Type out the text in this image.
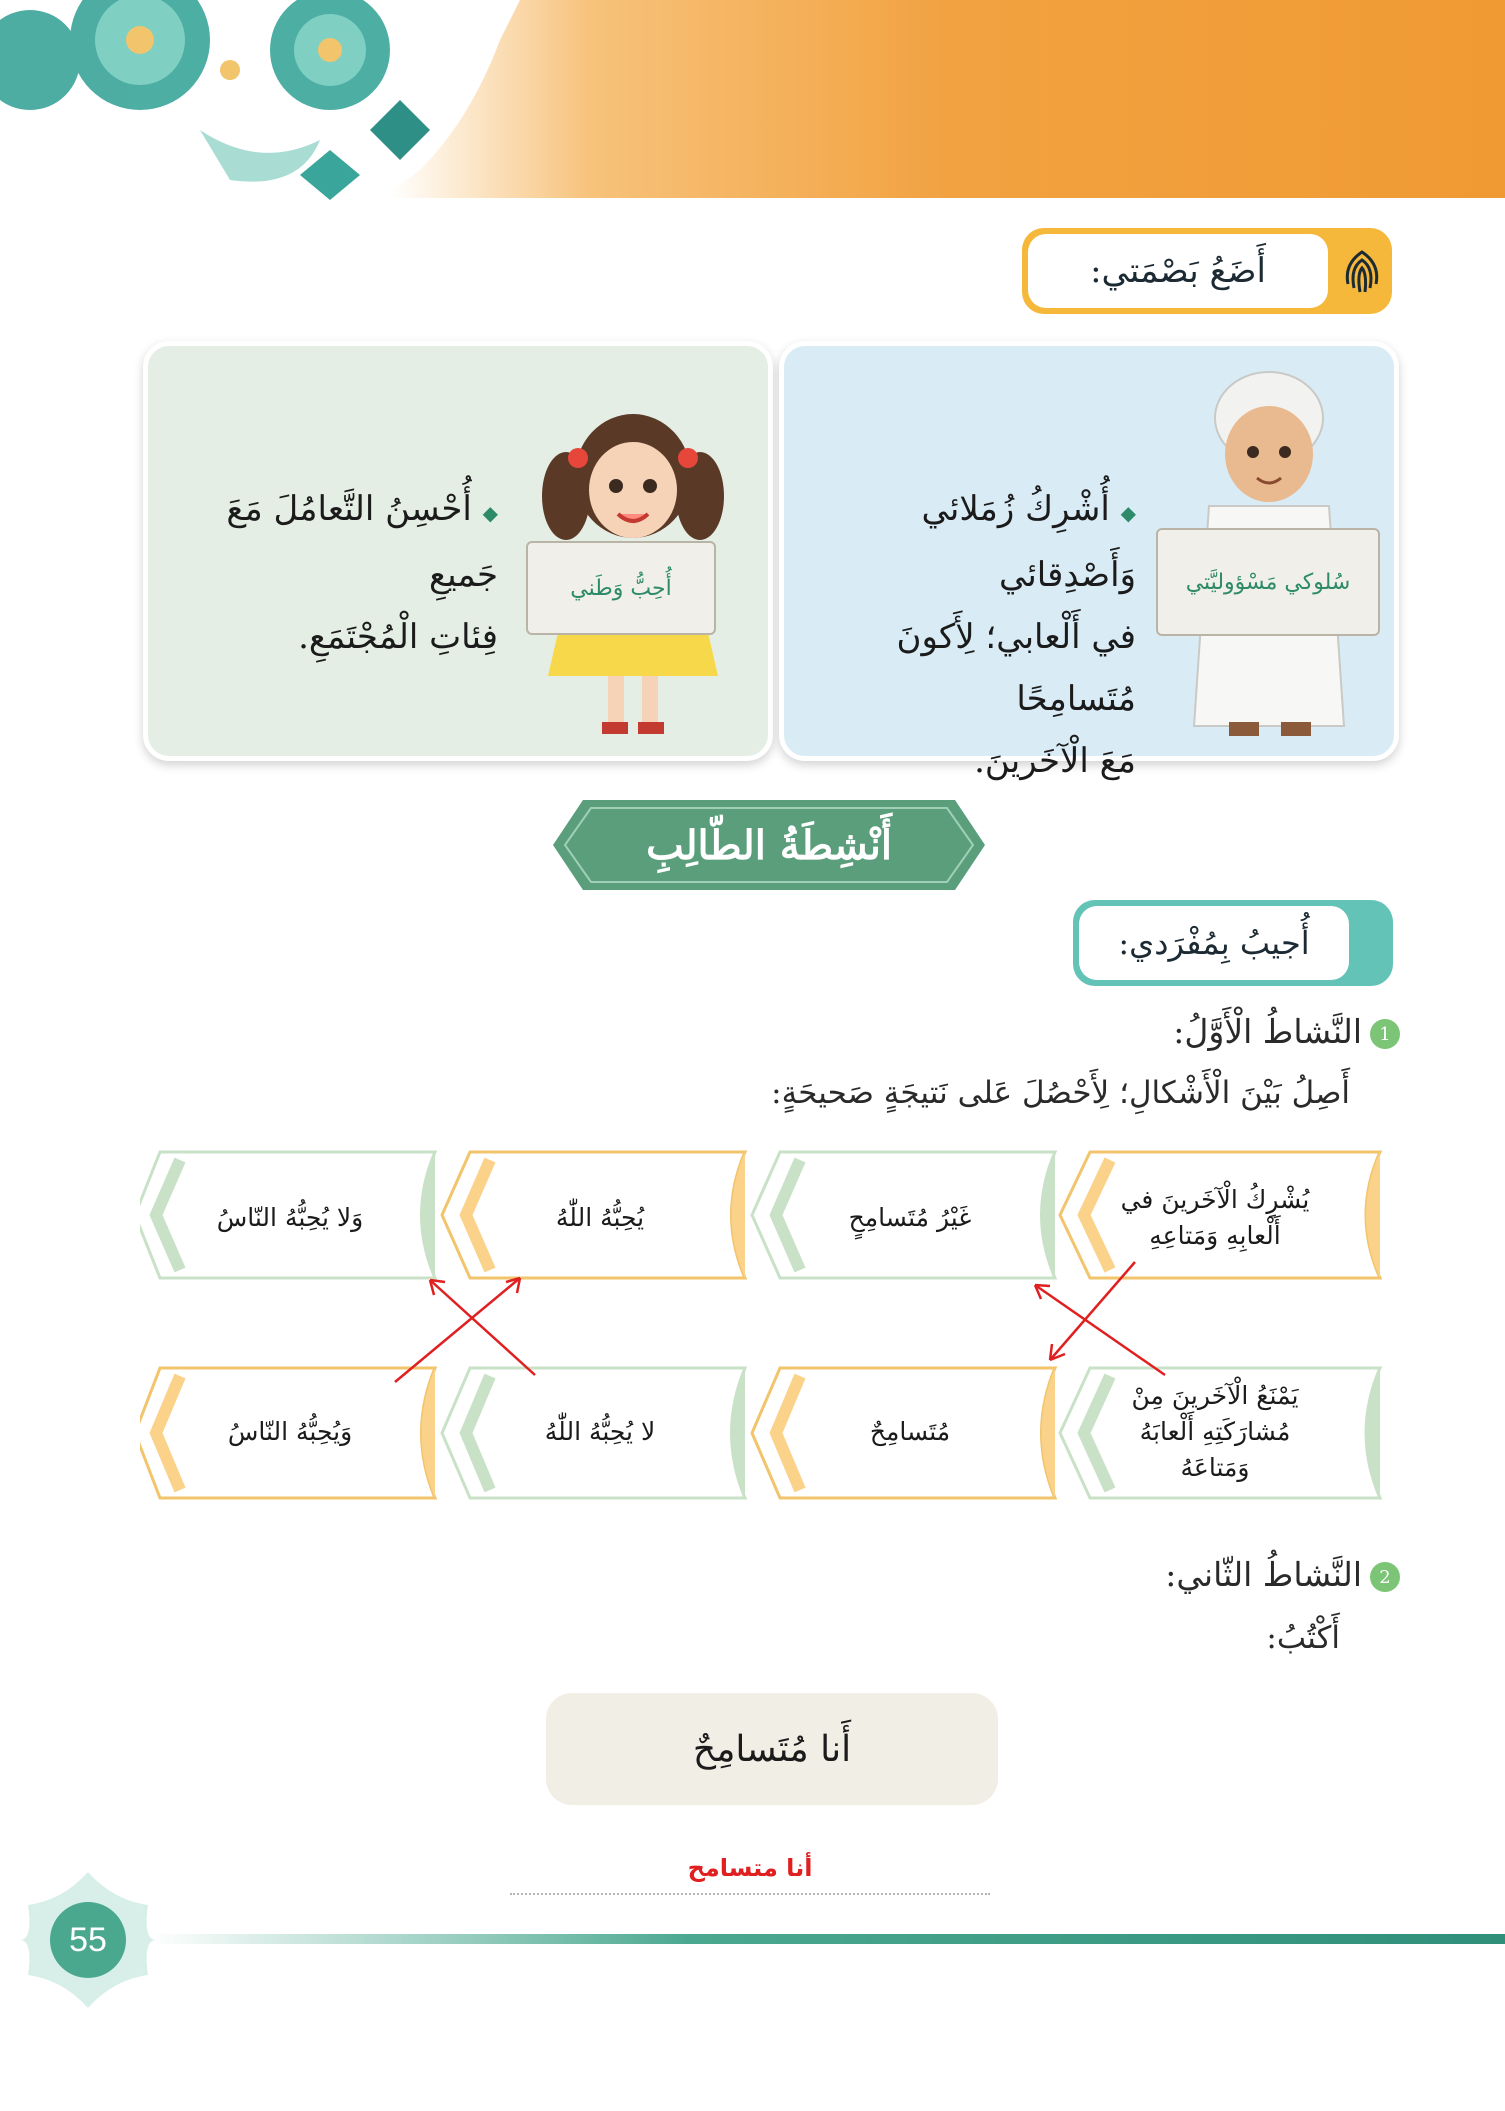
أَضَعُ بَصْمَتي:
أُحِبُّ وَطَني
◆ أُحْسِنُ التَّعامُلَ مَعَ جَميعِ
فِئاتِ الْمُجْتَمَعِ.
سُلوكي مَسْؤوليَّتي
◆ أُشْرِكُ زُمَلائي وَأَصْدِقائي
في أَلْعابي؛ لِأَكونَ مُتَسامِحًا
مَعَ الْآخَرينَ.
أَنْشِطَةُ الطّالِبِ
أُجيبُ بِمُفْرَدي:
1النَّشاطُ الْأَوَّلُ:
أَصِلُ بَيْنَ الْأَشْكالِ؛ لِأَحْصُلَ عَلى نَتيجَةٍ صَحيحَةٍ:
يُشْرِكُ الْآخَرينَ في أَلْعابِهِ وَمَتاعِهِ
غَيْرُ مُتَسامِحٍ
يُحِبُّهُ اللّٰهُ
وَلا يُحِبُّهُ النّاسُ
يَمْنَعُ الْآخَرينَ مِنْ مُشارَكَتِهِ أَلْعابَهُ وَمَتاعَهُ
مُتَسامِحٌ
لا يُحِبُّهُ اللّٰهُ
وَيُحِبُّهُ النّاسُ
2النَّشاطُ الثّاني:
أَكْتُبُ:
أَنا مُتَسامِحٌ
أنا متسامح
55
